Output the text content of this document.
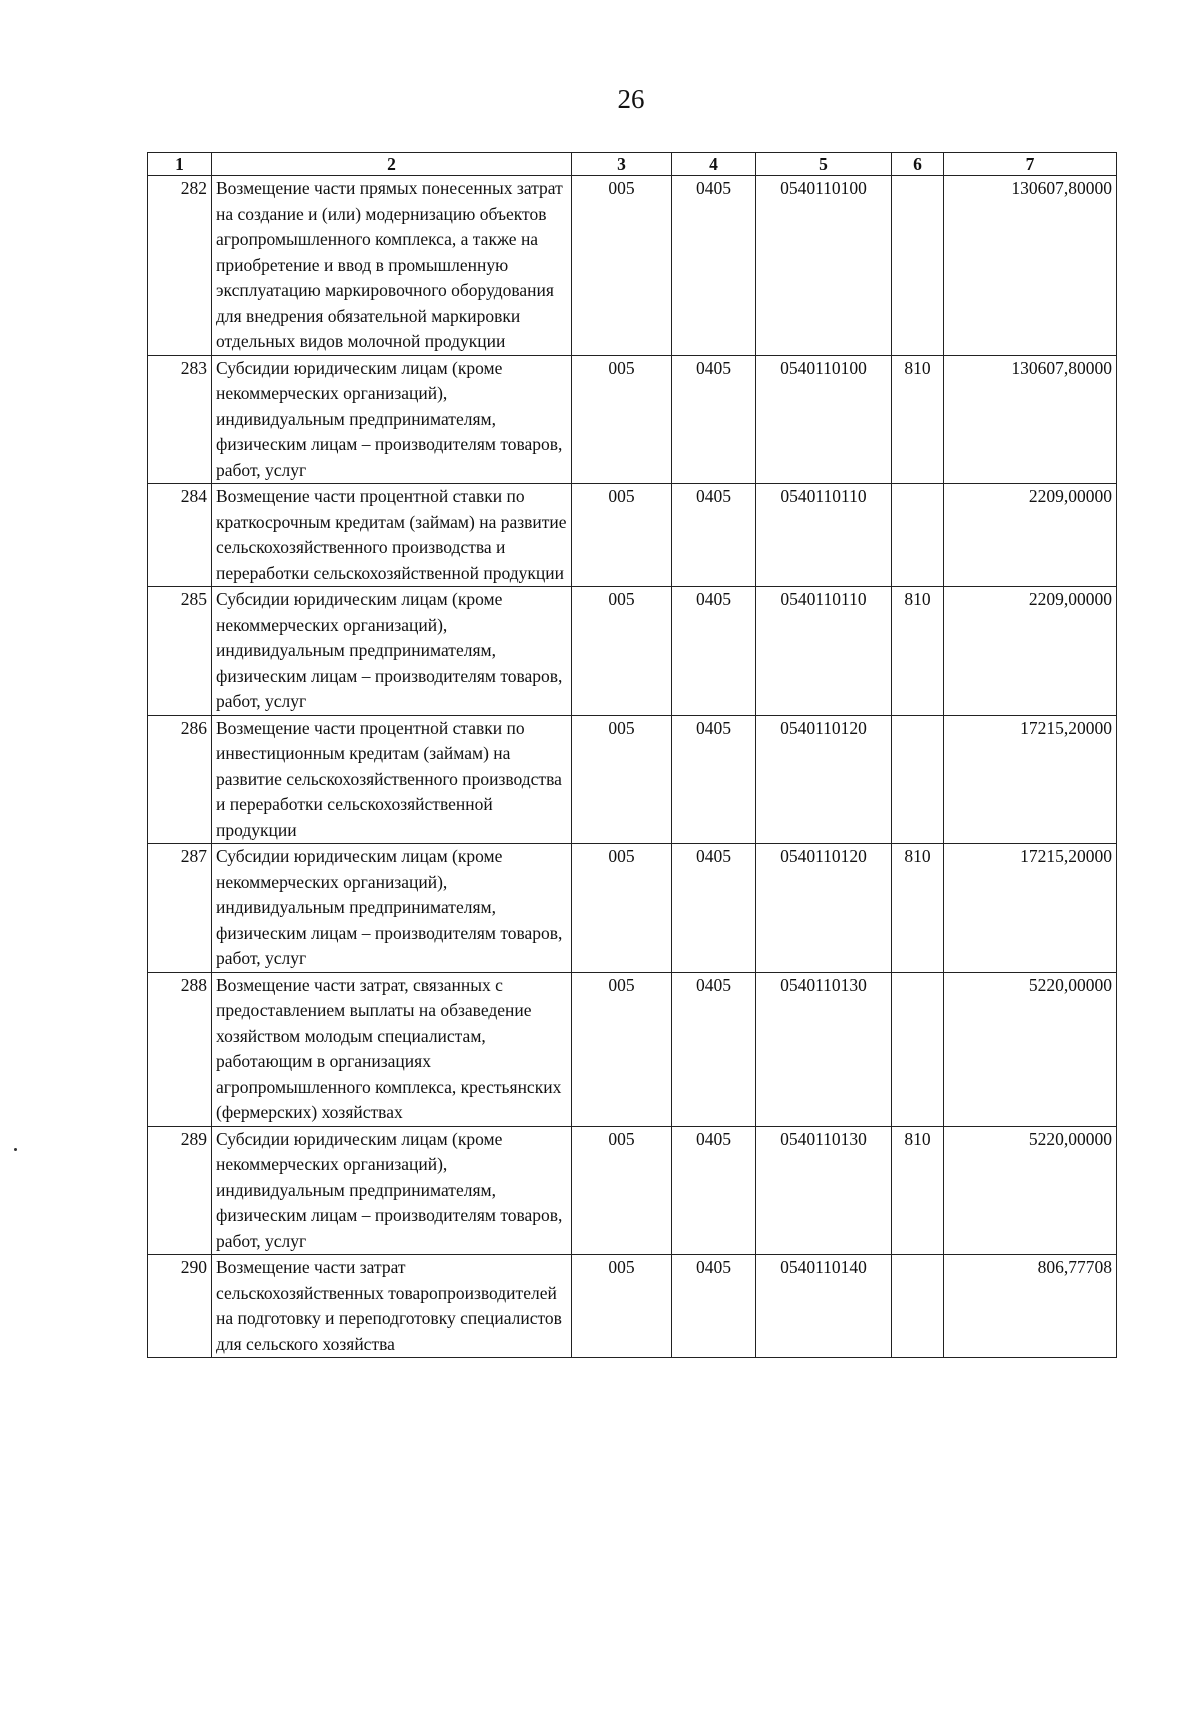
26
1	2	3	4	5	6	7
282	Возмещение части прямых понесенных затрат на создание и (или) модернизацию объектов агропромышленного комплекса, а также на приобретение и ввод в промышленную эксплуатацию маркировочного оборудования для внедрения обязательной маркировки отдельных видов молочной продукции	005	0405	0540110100		130607,80000
283	Субсидии юридическим лицам (кроме некоммерческих организаций), индивидуальным предпринимателям, физическим лицам – производителям товаров, работ, услуг	005	0405	0540110100	810	130607,80000
284	Возмещение части процентной ставки по краткосрочным кредитам (займам) на развитие сельскохозяйственного производства и переработки сельскохозяйственной продукции	005	0405	0540110110		2209,00000
285	Субсидии юридическим лицам (кроме некоммерческих организаций), индивидуальным предпринимателям, физическим лицам – производителям товаров, работ, услуг	005	0405	0540110110	810	2209,00000
286	Возмещение части процентной ставки по инвестиционным кредитам (займам) на развитие сельскохозяйственного производства и переработки сельскохозяйственной продукции	005	0405	0540110120		17215,20000
287	Субсидии юридическим лицам (кроме некоммерческих организаций), индивидуальным предпринимателям, физическим лицам – производителям товаров, работ, услуг	005	0405	0540110120	810	17215,20000
288	Возмещение части затрат, связанных с предоставлением выплаты на обзаведение хозяйством молодым специалистам, работающим в организациях агропромышленного комплекса, крестьянских (фермерских) хозяйствах	005	0405	0540110130		5220,00000
289	Субсидии юридическим лицам (кроме некоммерческих организаций), индивидуальным предпринимателям, физическим лицам – производителям товаров, работ, услуг	005	0405	0540110130	810	5220,00000
290	Возмещение части затрат сельскохозяйственных товаропроизводителей на подготовку и переподготовку специалистов для сельского хозяйства	005	0405	0540110140		806,77708
